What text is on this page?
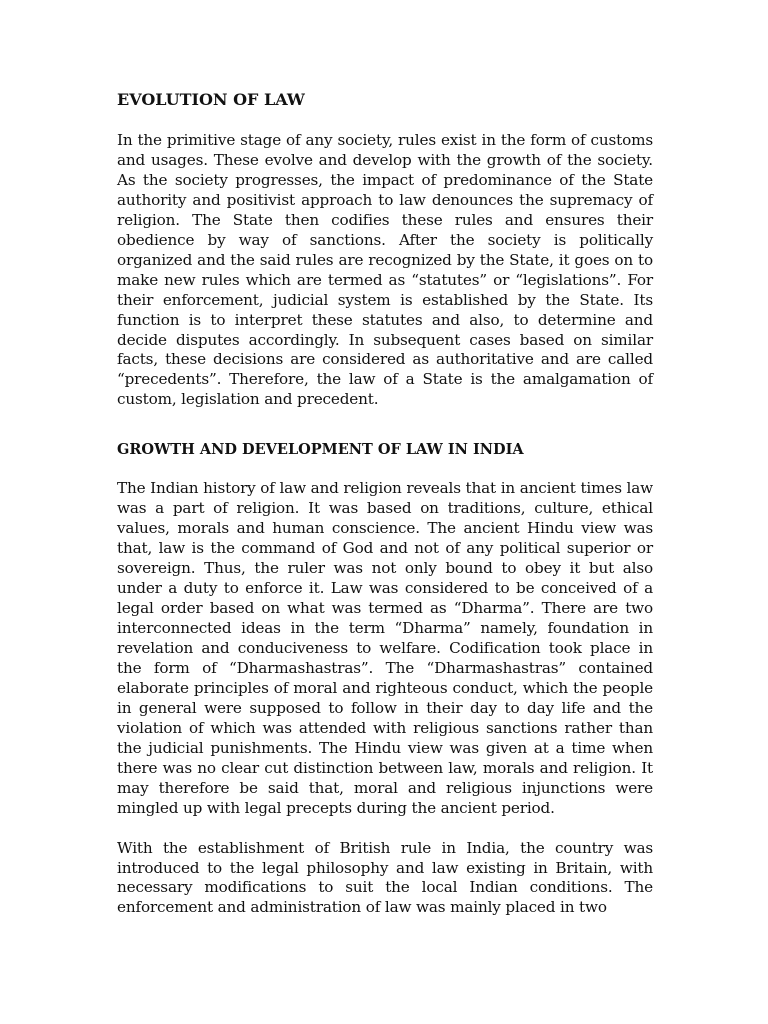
EVOLUTION OF LAW

In the primitive stage of any society, rules exist in the form of customs and usages. These evolve and develop with the growth of the society. As the society progresses, the impact of predominance of the State authority and positivist approach to law denounces the supremacy of religion. The State then codifies these rules and ensures their obedience by way of sanctions. After the society is politically organized and the said rules are recognized by the State, it goes on to make new rules which are termed as “statutes” or “legislations”. For their enforcement, judicial system is established by the State. Its function is to interpret these statutes and also, to determine and decide disputes accordingly. In subsequent cases based on similar facts, these decisions are considered as authoritative and are called “precedents”. Therefore, the law of a State is the amalgamation of custom, legislation and precedent.

GROWTH AND DEVELOPMENT OF LAW IN INDIA

The Indian history of law and religion reveals that in ancient times law was a part of religion. It was based on traditions, culture, ethical values, morals and human conscience. The ancient Hindu view was that, law is the command of God and not of any political superior or sovereign. Thus, the ruler was not only bound to obey it but also under a duty to enforce it. Law was considered to be conceived of a legal order based on what was termed as “Dharma”. There are two interconnected ideas in the term “Dharma” namely, foundation in revelation and conduciveness to welfare. Codification took place in the form of “Dharmashastras”. The “Dharmashastras” contained elaborate principles of moral and righteous conduct, which the people in general were supposed to follow in their day to day life and the violation of which was attended with religious sanctions rather than the judicial punishments. The Hindu view was given at a time when there was no clear cut distinction between law, morals and religion. It may therefore be said that, moral and religious injunctions were mingled up with legal precepts during the ancient period.

With the establishment of British rule in India, the country was introduced to the legal philosophy and law existing in Britain, with necessary modifications to suit the local Indian conditions. The enforcement and administration of law was mainly placed in two
